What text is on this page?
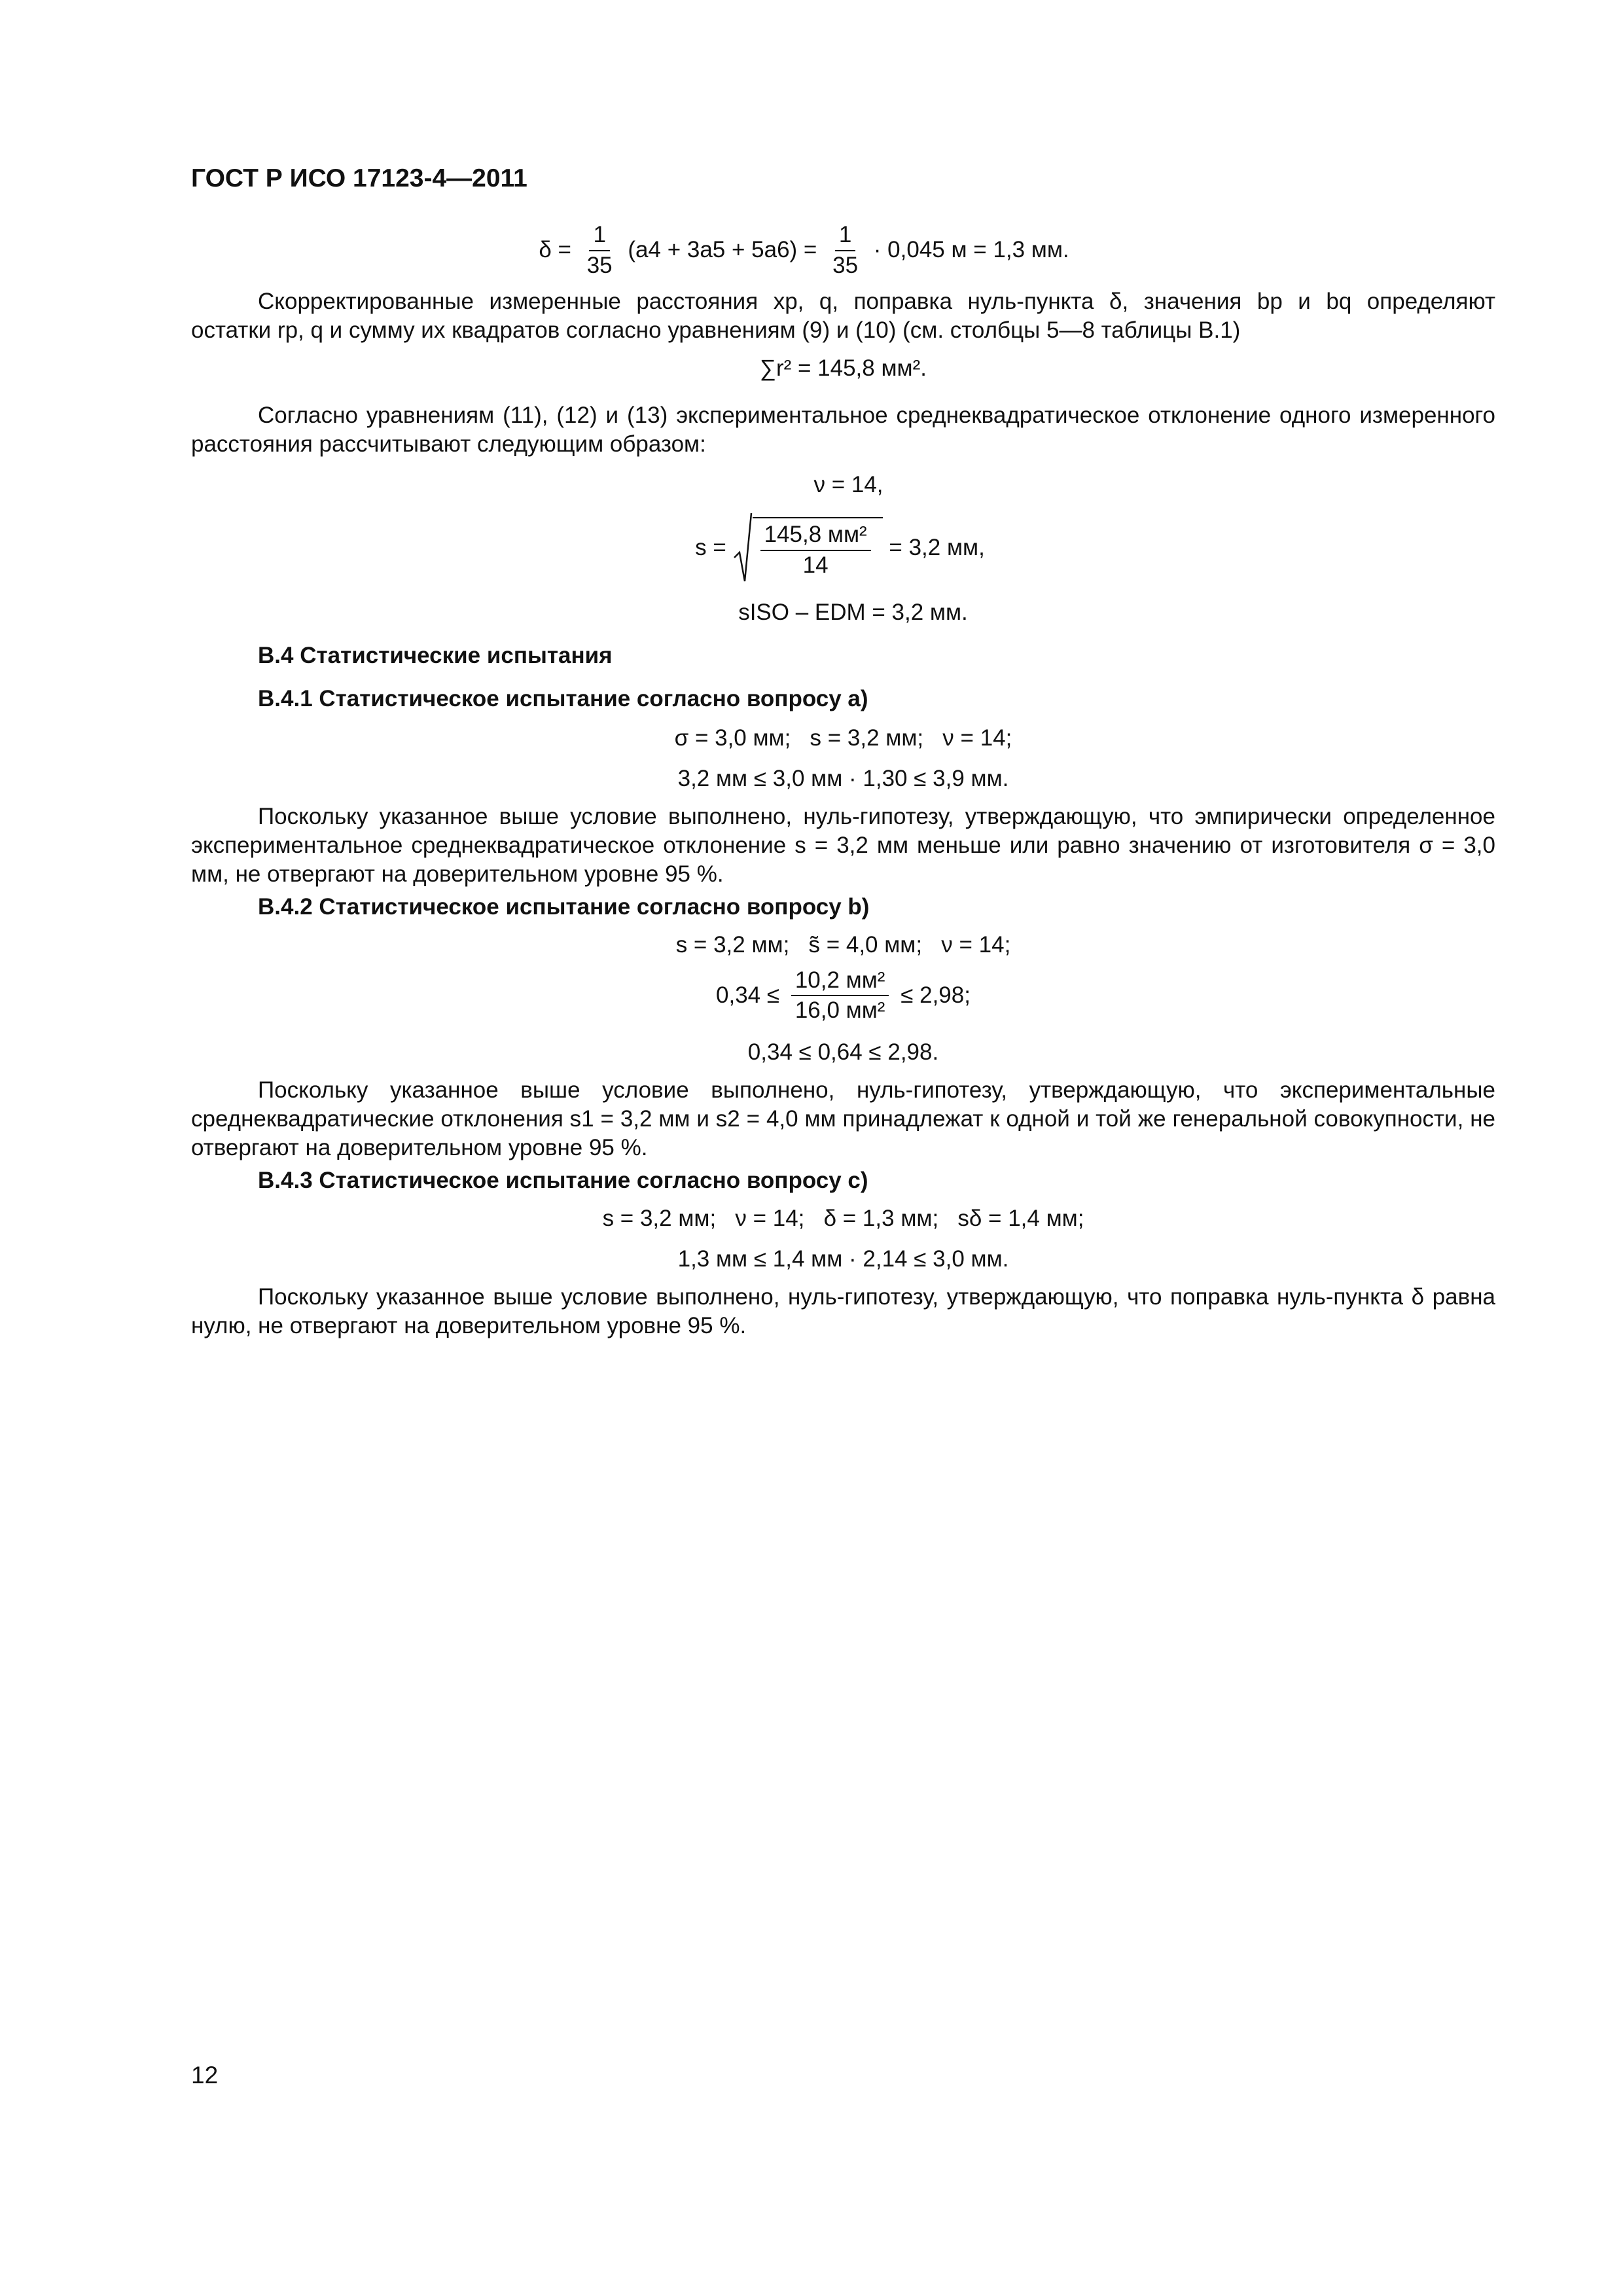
ГОСТ Р ИСО 17123-4—2011
$\delta = \frac{1}{35} (a4 + 3a5 + 5a6) = \frac{1}{35} \cdot 0,045$ м = 1,3 мм.

Скорректированные измеренные расстояния xp, q, поправка нуль-пункта δ, значения bp и bq определяют

остатки rp, q и сумму их квадратов согласно уравнениям (9) и (10) (см. столбцы 5—8 таблицы B.1)

∑r² = 145,8 мм².

Согласно уравнениям (11), (12) и (13) экспериментальное среднеквадратическое отклонение одного измеренного расстояния рассчитывают следующим образом:

ν = 14,
$s = \frac{\text{145,8 мм²}}{14} = 3,2$ мм,
sISO – EDM = 3,2 мм.

B.4 Статистические испытания

B.4.1 Статистическое испытание согласно вопросу a)

σ = 3,0 мм;   s = 3,2 мм;   ν = 14;
3,2 мм ≤ 3,0 мм · 1,30 ≤ 3,9 мм.

Поскольку указанное выше условие выполнено, нуль-гипотезу, утверждающую, что эмпирически определенное экспериментальное среднеквадратическое отклонение s = 3,2 мм меньше или равно значению от изготовителя σ = 3,0 мм, не отвергают на доверительном уровне 95 %.

B.4.2 Статистическое испытание согласно вопросу b)

s = 3,2 мм;   s̃ = 4,0 мм;   ν = 14;
$0,34 \le \frac{\text{10,2 мм²}}{\text{16,0 мм²}} \le 2,98$;
0,34 ≤ 0,64 ≤ 2,98.

Поскольку указанное выше условие выполнено, нуль-гипотезу, утверждающую, что экспериментальные среднеквадратические отклонения s1 = 3,2 мм и s2 = 4,0 мм принадлежат к одной и той же генеральной совокупности, не отвергают на доверительном уровне 95 %.

B.4.3 Статистическое испытание согласно вопросу c)

s = 3,2 мм;   ν = 14;   δ = 1,3 мм;   sδ = 1,4 мм;
1,3 мм ≤ 1,4 мм · 2,14 ≤ 3,0 мм.

Поскольку указанное выше условие выполнено, нуль-гипотезу, утверждающую, что поправка нуль-пункта δ равна нулю, не отвергают на доверительном уровне 95 %.

12
